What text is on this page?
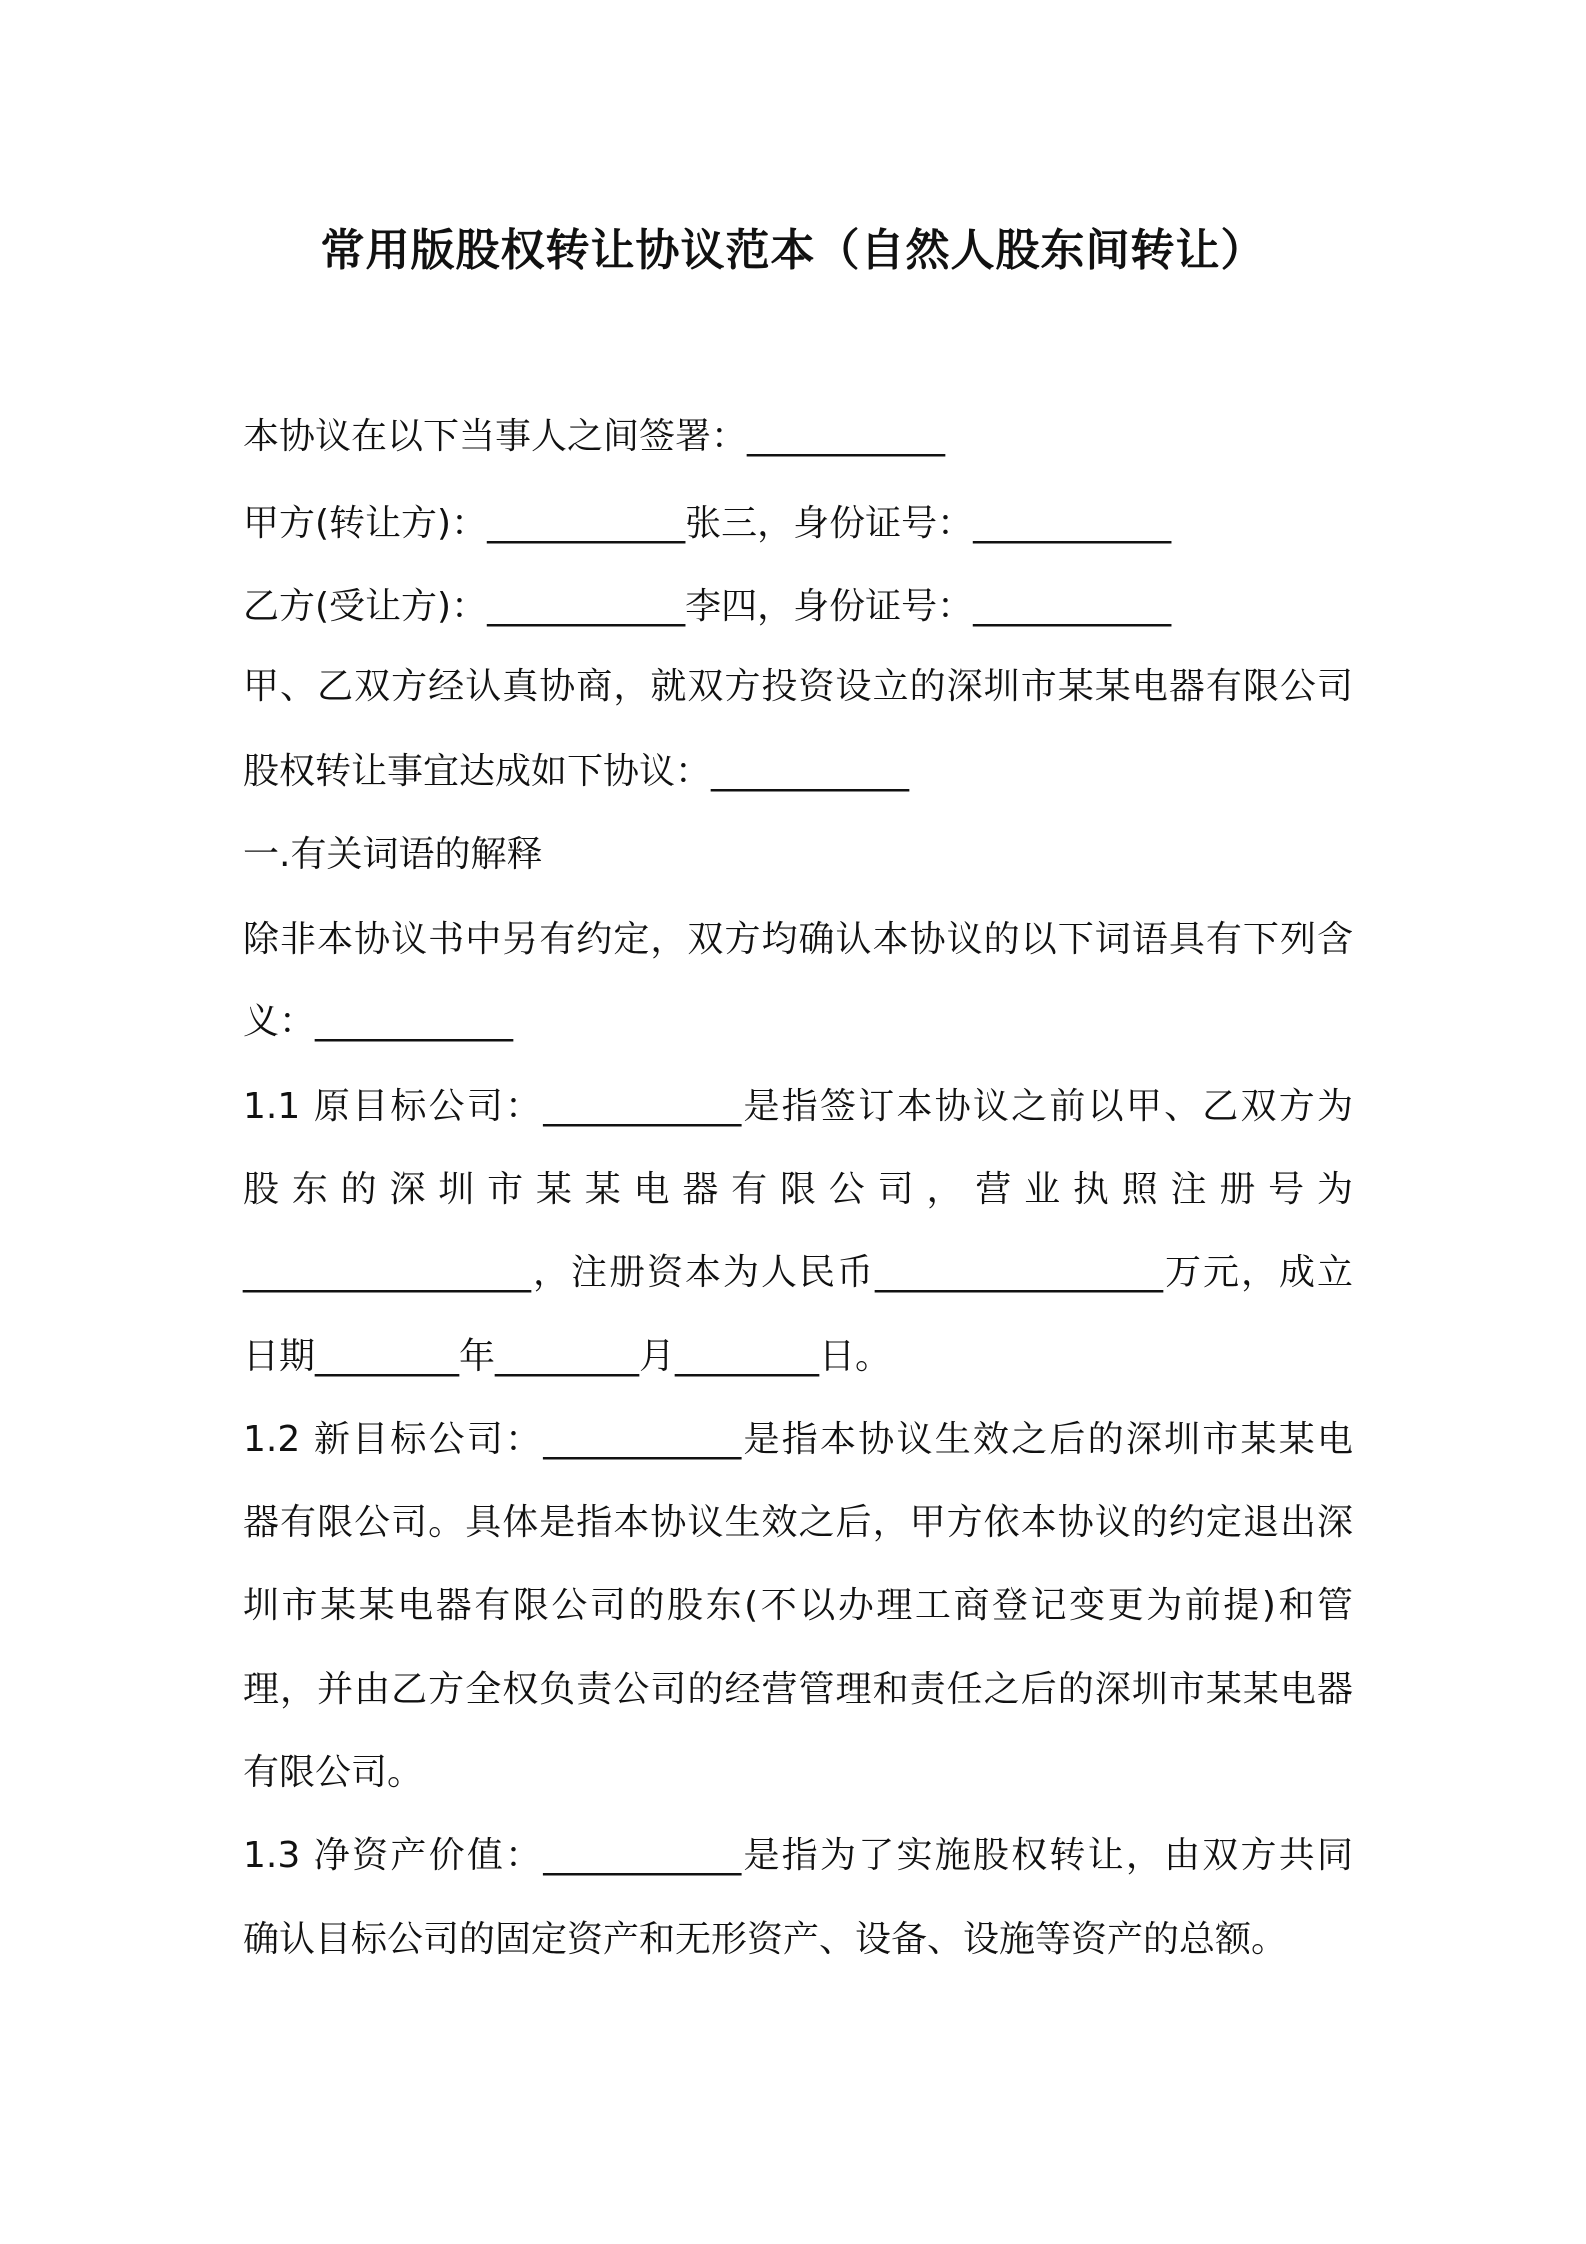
常用版股权转让协议范本（自然人股东间转让）
本协议在以下当事人之间签署：___________
甲方(转让方)：___________张三，身份证号：___________
乙方(受让方)：___________李四，身份证号：___________
甲、乙双方经认真协商，就双方投资设立的深圳市某某电器有限公司
股权转让事宜达成如下协议：___________
一.有关词语的解释
除非本协议书中另有约定，双方均确认本协议的以下词语具有下列含
义：___________
1.1 原目标公司：___________是指签订本协议之前以甲、乙双方为
股 东 的 深 圳 市 某 某 电 器 有 限 公 司 ， 营 业 执 照 注 册 号 为
________________，注册资本为人民币________________万元，成立
日期________年________月________日。
1.2 新目标公司：___________是指本协议生效之后的深圳市某某电
器有限公司。具体是指本协议生效之后，甲方依本协议的约定退出深
圳市某某电器有限公司的股东(不以办理工商登记变更为前提)和管
理，并由乙方全权负责公司的经营管理和责任之后的深圳市某某电器
有限公司。
1.3 净资产价值：___________是指为了实施股权转让，由双方共同
确认目标公司的固定资产和无形资产、设备、设施等资产的总额。
